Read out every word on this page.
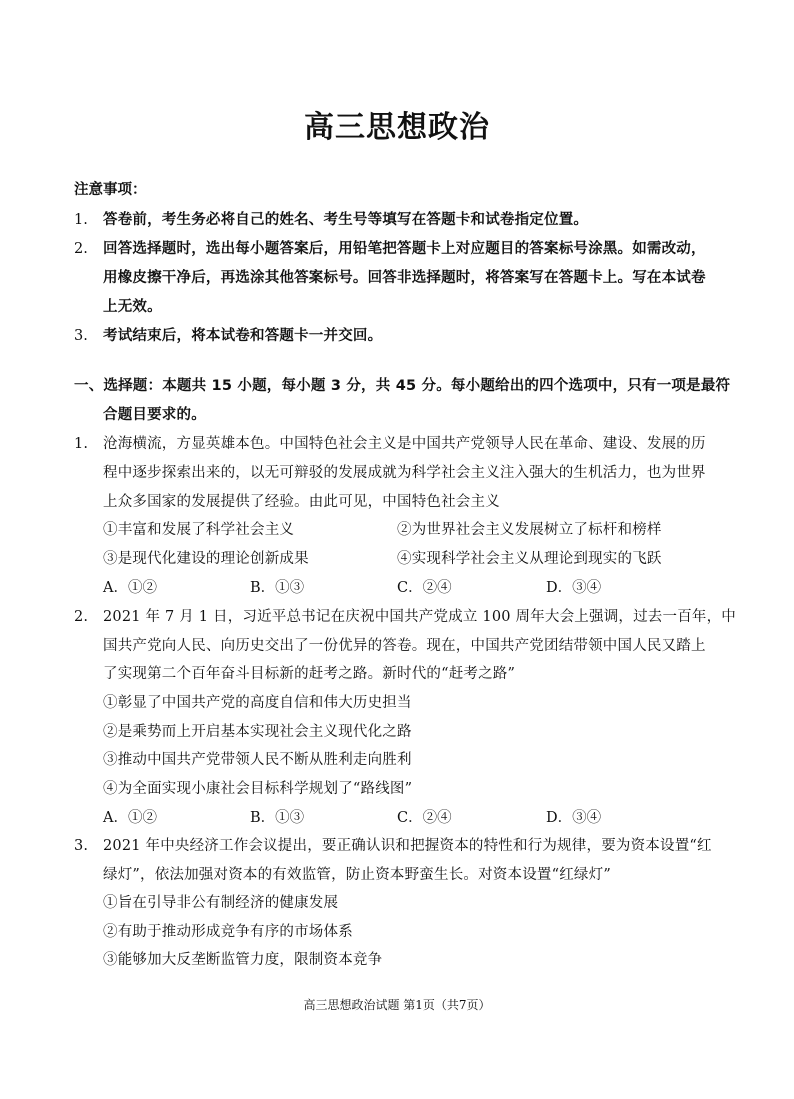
高三思想政治
注意事项：
1. 答卷前，考生务必将自己的姓名、考生号等填写在答题卡和试卷指定位置。
2. 回答选择题时，选出每小题答案后，用铅笔把答题卡上对应题目的答案标号涂黑。如需改动，
用橡皮擦干净后，再选涂其他答案标号。回答非选择题时，将答案写在答题卡上。写在本试卷
上无效。
3. 考试结束后，将本试卷和答题卡一并交回。
一、选择题：本题共 15 小题，每小题 3 分，共 45 分。每小题给出的四个选项中，只有一项是最符
合题目要求的。
1. 沧海横流，方显英雄本色。中国特色社会主义是中国共产党领导人民在革命、建设、发展的历
程中逐步探索出来的，以无可辩驳的发展成就为科学社会主义注入强大的生机活力，也为世界
上众多国家的发展提供了经验。由此可见，中国特色社会主义
①丰富和发展了科学社会主义	②为世界社会主义发展树立了标杆和榜样
③是现代化建设的理论创新成果	④实现科学社会主义从理论到现实的飞跃
A．①②	B．①③	C．②④	D．③④
2. 2021 年 7 月 1 日，习近平总书记在庆祝中国共产党成立 100 周年大会上强调，过去一百年，中
国共产党向人民、向历史交出了一份优异的答卷。现在，中国共产党团结带领中国人民又踏上
了实现第二个百年奋斗目标新的赶考之路。新时代的“赶考之路”
①彰显了中国共产党的高度自信和伟大历史担当
②是乘势而上开启基本实现社会主义现代化之路
③推动中国共产党带领人民不断从胜利走向胜利
④为全面实现小康社会目标科学规划了“路线图”
A．①②	B．①③	C．②④	D．③④
3. 2021 年中央经济工作会议提出，要正确认识和把握资本的特性和行为规律，要为资本设置“红
绿灯”，依法加强对资本的有效监管，防止资本野蛮生长。对资本设置“红绿灯”
①旨在引导非公有制经济的健康发展
②有助于推动形成竞争有序的市场体系
③能够加大反垄断监管力度，限制资本竞争
高三思想政治试题 第1页（共7页）
